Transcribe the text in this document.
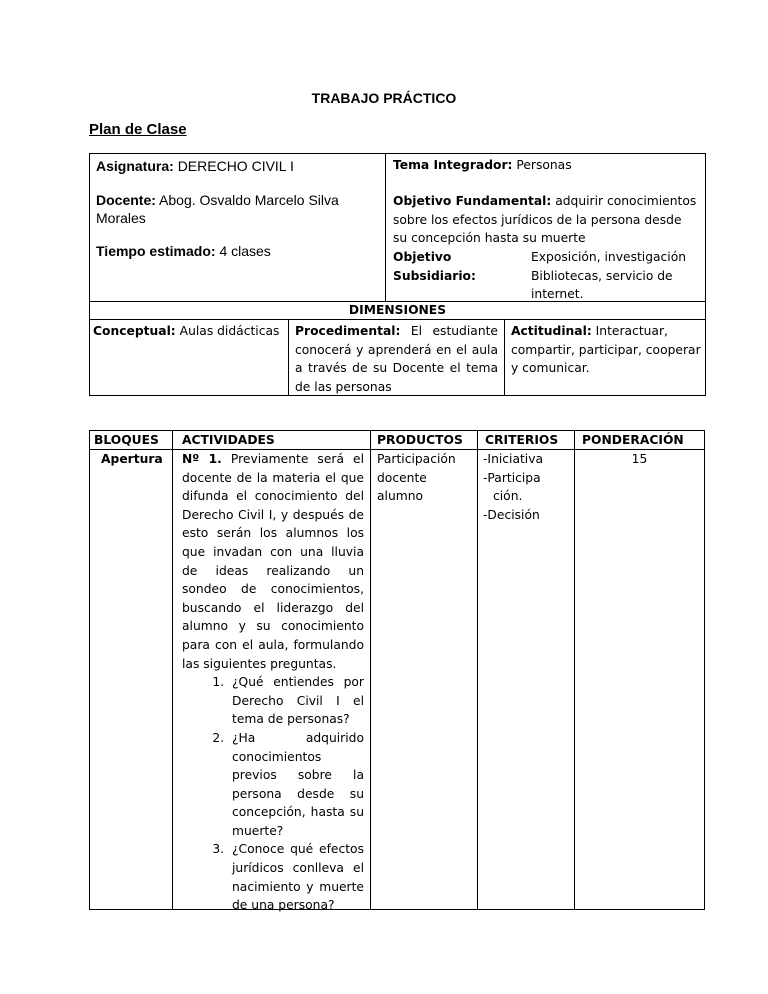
TRABAJO PRÁCTICO
Plan de Clase
Asignatura: DERECHO CIVIL I
Docente: Abog. Osvaldo Marcelo Silva Morales
Tiempo estimado: 4 clases
Tema Integrador: Personas
Objetivo Fundamental: adquirir conocimientos sobre los efectos jurídicos de la persona desde su concepción hasta su muerte
Objetivo Subsidiario:
Exposición, investigación Bibliotecas, servicio de internet.
DIMENSIONES
Conceptual: Aulas didácticas Procedimental: El estudiante conocerá y aprenderá en el aula a través de su Docente el tema de las personas
Actitudinal: Interactuar, compartir, participar, cooperar y comunicar.
BLOQUES ACTIVIDADES	PRODUCTOS CRITERIOS PONDERACIÓN
Apertura Nº 1. Previamente será el docente de la materia el que difunda el conocimiento del Derecho Civil I, y después de esto serán los alumnos los que invadan con una lluvia de ideas realizando un sondeo de conocimientos, buscando el liderazgo del alumno y su conocimiento para con el aula, formulando las siguientes preguntas.
1. ¿Qué entiendes por Derecho Civil I el tema de personas?
2. ¿Ha adquirido conocimientos previos sobre la persona desde su concepción, hasta su muerte?
3. ¿Conoce qué efectos jurídicos conlleva el nacimiento y muerte de una persona?
Participación
docente
alumno
-Iniciativa
-Participa
ción.
-Decisión
15
